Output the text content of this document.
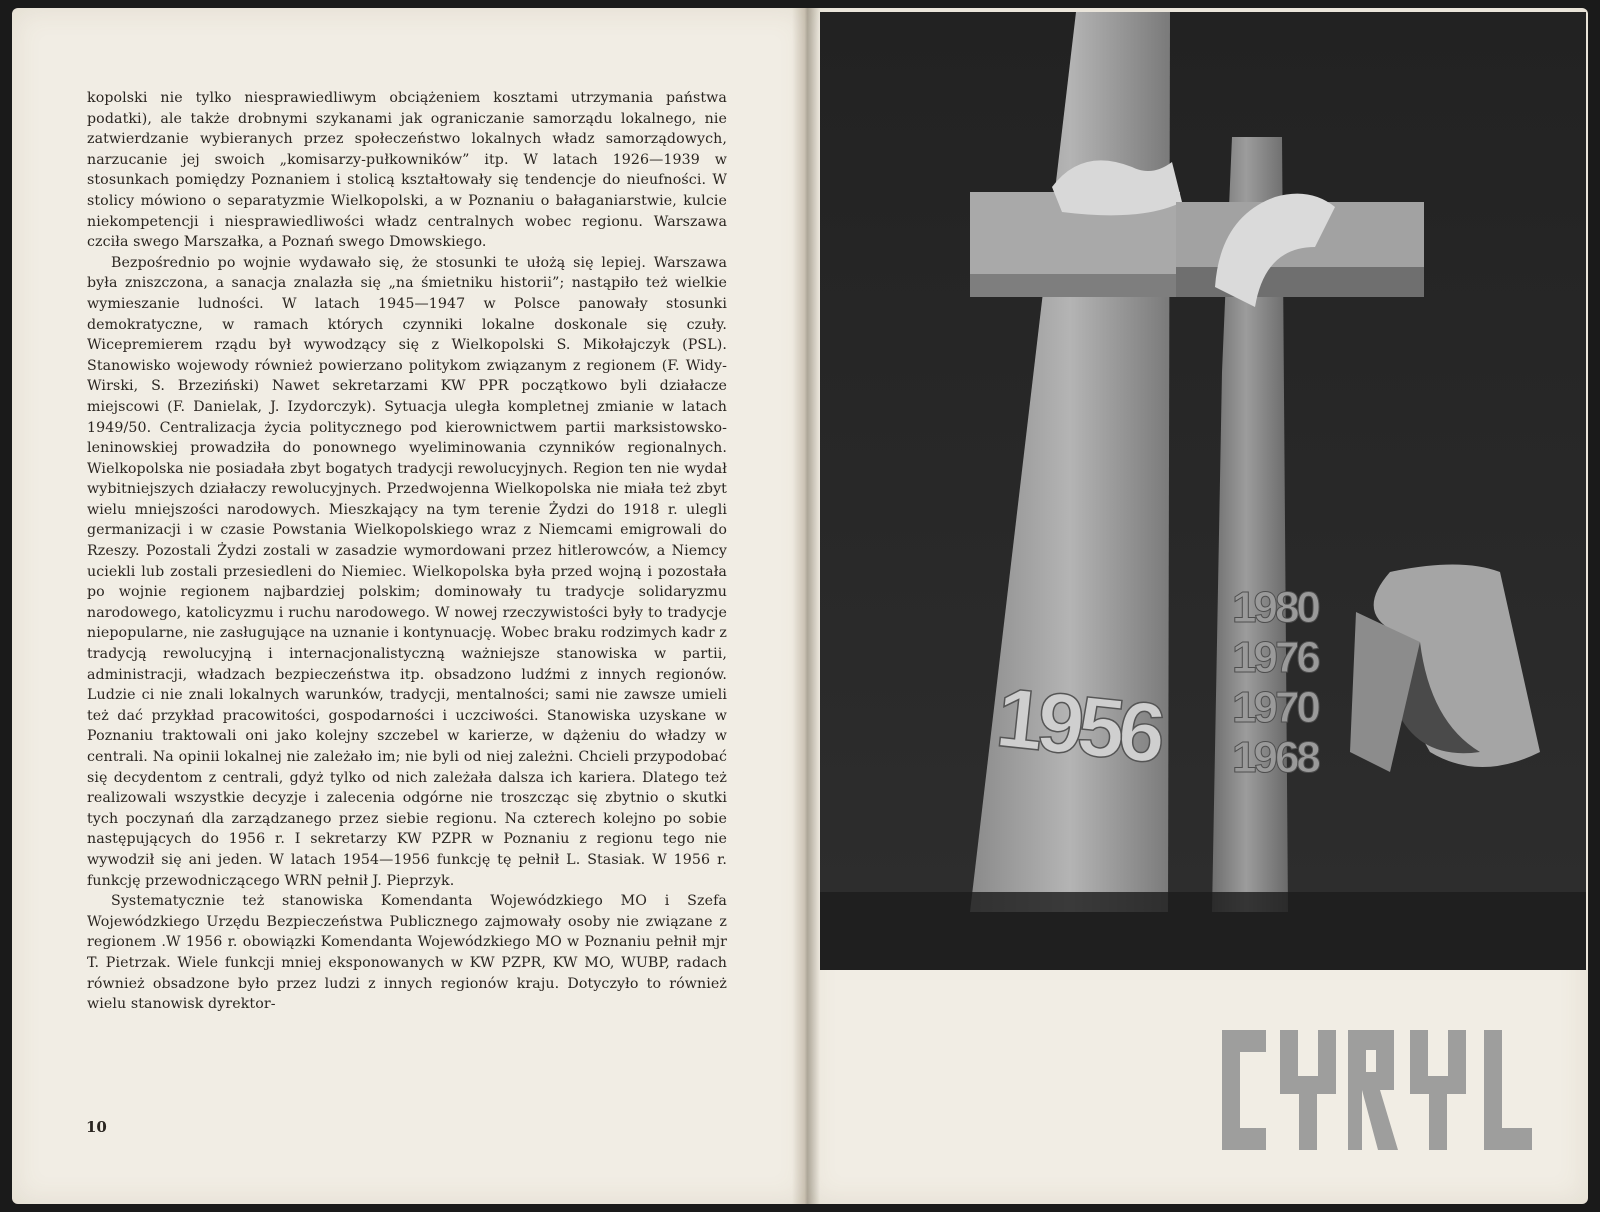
kopolski nie tylko niesprawiedliwym obciążeniem kosztami utrzymania państwa podatki), ale także drobnymi szykanami jak ograniczanie samorządu lokalnego, nie zatwierdzanie wybieranych przez społeczeństwo lokalnych władz samorządowych, narzucanie jej swoich „komisarzy-pułkowników” itp. W latach 1926—1939 w stosunkach pomiędzy Poznaniem i stolicą kształtowały się tendencje do nieufności. W stolicy mówiono o separatyzmie Wielkopolski, a w Poznaniu o bałaganiarstwie, kulcie niekompetencji i niesprawiedliwości władz centralnych wobec regionu. Warszawa czciła swego Marszałka, a Poznań swego Dmowskiego.

Bezpośrednio po wojnie wydawało się, że stosunki te ułożą się lepiej. Warszawa była zniszczona, a sanacja znalazła się „na śmietniku historii”; nastąpiło też wielkie wymieszanie ludności. W latach 1945—1947 w Polsce panowały stosunki demokratyczne, w ramach których czynniki lokalne doskonale się czuły. Wicepremierem rządu był wywodzący się z Wielkopolski S. Mikołajczyk (PSL). Stanowisko wojewody również powierzano politykom związanym z regionem (F. Widy-Wirski, S. Brzeziński) Nawet sekretarzami KW PPR początkowo byli działacze miejscowi (F. Danielak, J. Izydorczyk). Sytuacja uległa kompletnej zmianie w latach 1949/50. Centralizacja życia politycznego pod kierownictwem partii marksistowsko-leninowskiej prowadziła do ponownego wyeliminowania czynników regionalnych. Wielkopolska nie posiadała zbyt bogatych tradycji rewolucyjnych. Region ten nie wydał wybitniejszych działaczy rewolucyjnych. Przedwojenna Wielkopolska nie miała też zbyt wielu mniejszości narodowych. Mieszkający na tym terenie Żydzi do 1918 r. ulegli germanizacji i w czasie Powstania Wielkopolskiego wraz z Niemcami emigrowali do Rzeszy. Pozostali Żydzi zostali w zasadzie wymordowani przez hitlerowców, a Niemcy uciekli lub zostali przesiedleni do Niemiec. Wielkopolska była przed wojną i pozostała po wojnie regionem najbardziej polskim; dominowały tu tradycje solidaryzmu narodowego, katolicyzmu i ruchu narodowego. W nowej rzeczywistości były to tradycje niepopularne, nie zasługujące na uznanie i kontynuację. Wobec braku rodzimych kadr z tradycją rewolucyjną i internacjonalistyczną ważniejsze stanowiska w partii, administracji, władzach bezpieczeństwa itp. obsadzono ludźmi z innych regionów. Ludzie ci nie znali lokalnych warunków, tradycji, mentalności; sami nie zawsze umieli też dać przykład pracowitości, gospodarności i uczciwości. Stanowiska uzyskane w Poznaniu traktowali oni jako kolejny szczebel w karierze, w dążeniu do władzy w centrali. Na opinii lokalnej nie zależało im; nie byli od niej zależni. Chcieli przypodobać się decydentom z centrali, gdyż tylko od nich zależała dalsza ich kariera. Dlatego też realizowali wszystkie decyzje i zalecenia odgórne nie troszcząc się zbytnio o skutki tych poczynań dla zarządzanego przez siebie regionu. Na czterech kolejno po sobie następujących do 1956 r. I sekretarzy KW PZPR w Poznaniu z regionu tego nie wywodził się ani jeden. W latach 1954—1956 funkcję tę pełnił L. Stasiak. W 1956 r. funkcję przewodniczącego WRN pełnił J. Pieprzyk.

Systematycznie też stanowiska Komendanta Wojewódzkiego MO i Szefa Wojewódzkiego Urzędu Bezpieczeństwa Publicznego zajmowały osoby nie związane z regionem .W 1956 r. obowiązki Komendanta Wojewódzkiego MO w Poznaniu pełnił mjr T. Pietrzak. Wiele funkcji mniej eksponowanych w KW PZPR, KW MO, WUBP, radach również obsadzone było przez ludzi z innych regionów kraju. Dotyczyło to również wielu stanowisk dyrektor-

10
1956
1980
1976
1970
1968
